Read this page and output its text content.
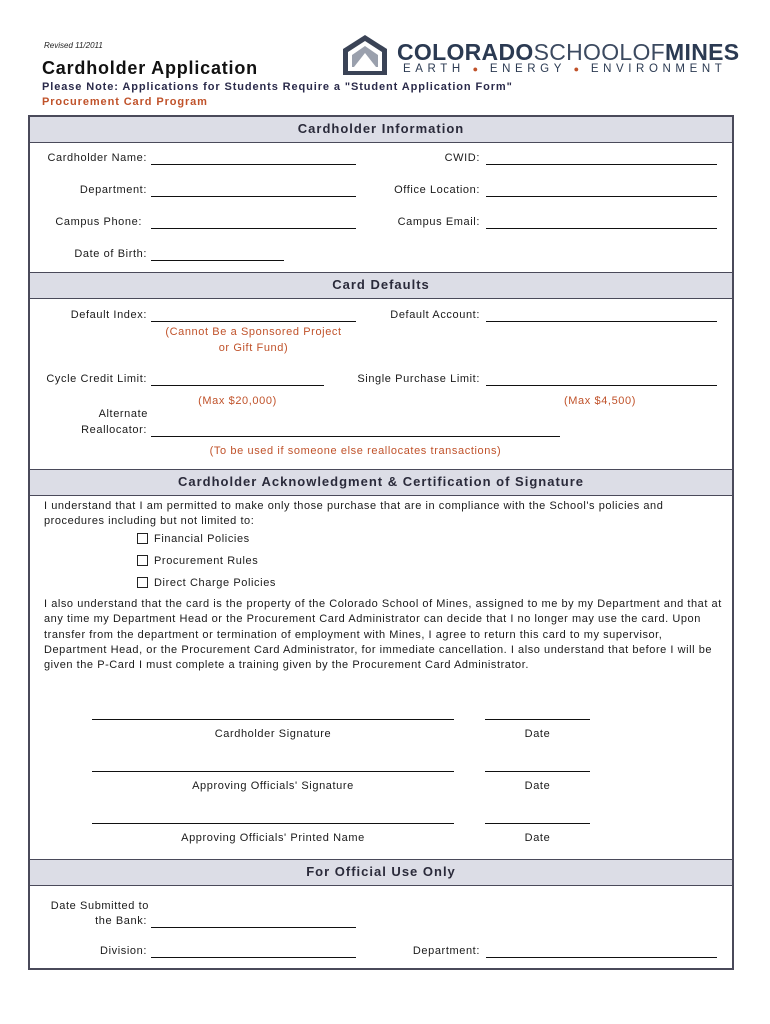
Revised 11/2011
Cardholder Application
Please Note: Applications for Students Require a "Student Application Form"
Procurement Card Program
COLORADOSCHOOLOFMINES
EARTH ● ENERGY ● ENVIRONMENT
Cardholder Information
Cardholder Name:	CWID:
Department:	Office Location:
Campus Phone:	Campus Email:
Date of Birth:
Card Defaults
Default Index:	Default Account:
(Cannot Be a Sponsored Project
or Gift Fund)
Cycle Credit Limit:	Single Purchase Limit:
(Max $20,000)	(Max $4,500)
Alternate
Reallocator:
(To be used if someone else reallocates transactions)
Cardholder Acknowledgment & Certification of Signature
I understand that I am permitted to make only those purchase that are in compliance with the School's policies and procedures including but not limited to:
Financial Policies
Procurement Rules
Direct Charge Policies
I also understand that the card is the property of the Colorado School of Mines, assigned to me by my Department and that at any time my Department Head or the Procurement Card Administrator can decide that I no longer may use the card. Upon transfer from the department or termination of employment with Mines, I agree to return this card to my supervisor, Department Head, or the Procurement Card Administrator, for immediate cancellation. I also understand that before I will be given the P-Card I must complete a training given by the Procurement Card Administrator.
Cardholder Signature	Date
Approving Officials' Signature	Date
Approving Officials' Printed Name	Date
For Official Use Only
Date Submitted to
the Bank:
Division:	Department:
